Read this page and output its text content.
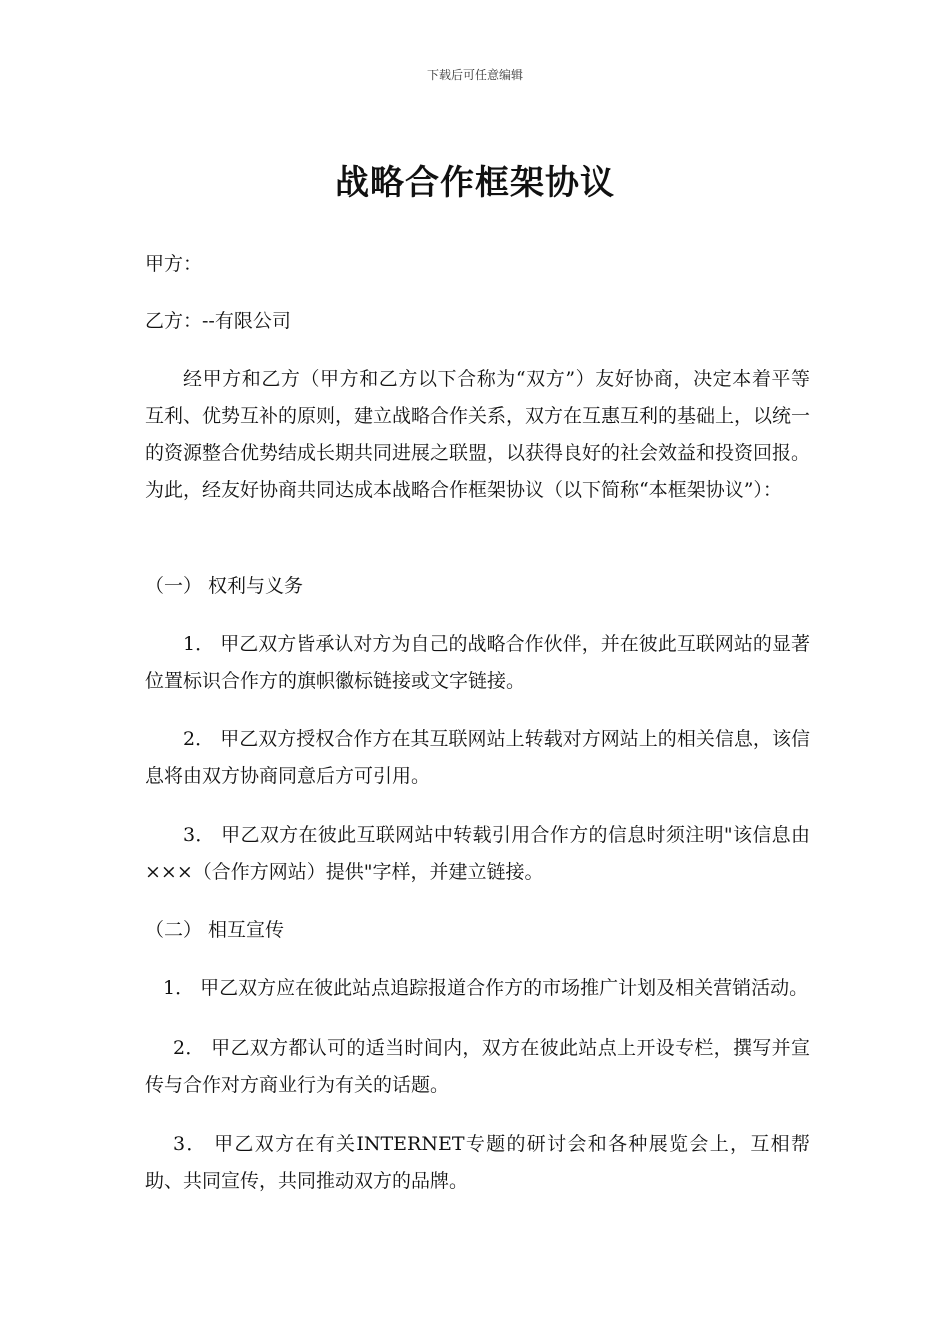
下载后可任意编辑
战略合作框架协议
甲方：
乙方：--有限公司
经甲方和乙方（甲方和乙方以下合称为“双方”）友好协商，决定本着平等互利、优势互补的原则，建立战略合作关系，双方在互惠互利的基础上，以统一的资源整合优势结成长期共同进展之联盟，以获得良好的社会效益和投资回报。为此，经友好协商共同达成本战略合作框架协议（以下简称“本框架协议”）：
（一） 权利与义务
1． 甲乙双方皆承认对方为自己的战略合作伙伴，并在彼此互联网站的显著位置标识合作方的旗帜徽标链接或文字链接。
2． 甲乙双方授权合作方在其互联网站上转载对方网站上的相关信息，该信息将由双方协商同意后方可引用。
3． 甲乙双方在彼此互联网站中转载引用合作方的信息时须注明"该信息由×××（合作方网站）提供"字样，并建立链接。
（二） 相互宣传
1． 甲乙双方应在彼此站点追踪报道合作方的市场推广计划及相关营销活动。
2． 甲乙双方都认可的适当时间内，双方在彼此站点上开设专栏，撰写并宣传与合作对方商业行为有关的话题。
3． 甲乙双方在有关INTERNET专题的研讨会和各种展览会上，互相帮助、共同宣传，共同推动双方的品牌。
